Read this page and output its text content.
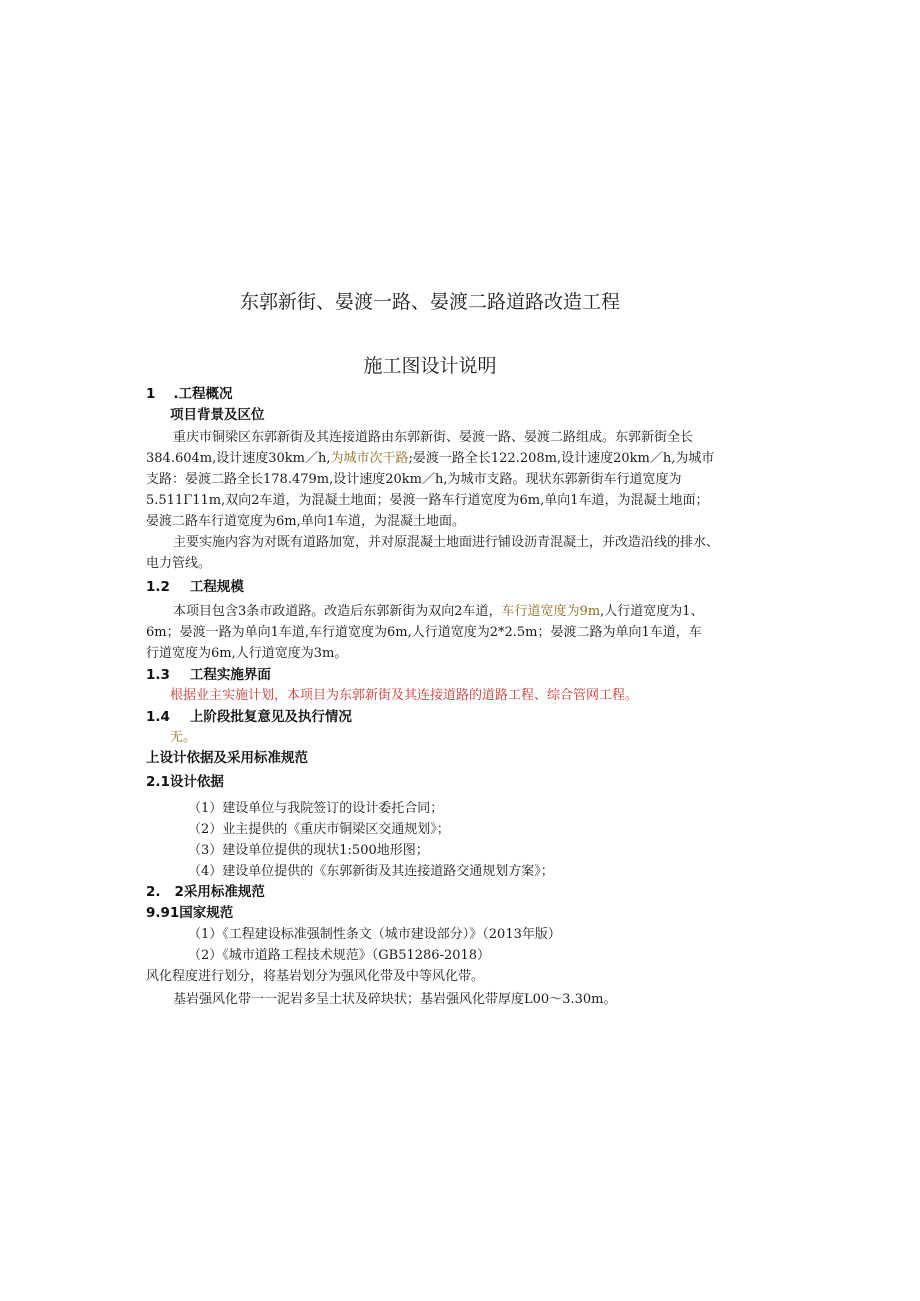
东郭新街、晏渡一路、晏渡二路道路改造工程
施工图设计说明
1 .工程概况
项目背景及区位
重庆市铜梁区东郭新街及其连接道路由东郭新街、晏渡一路、晏渡二路组成。东郭新街全长
384.604m,设计速度30km／h,为城市次干路;晏渡一路全长122.208m,设计速度20km／h,为城市
支路：晏渡二路全长178.479m,设计速度20km／h,为城市支路。现状东郭新街车行道宽度为
5.511Γ11m,双向2车道，为混凝土地面；晏渡一路车行道宽度为6m,单向1车道，为混凝土地面；
晏渡二路车行道宽度为6m,单向1车道，为混凝土地面。
主要实施内容为对既有道路加宽，并对原混凝土地面进行铺设沥青混凝土，并改造沿线的排水、
电力管线。
1.2 工程规模
本项目包含3条市政道路。改造后东郭新街为双向2车道，车行道宽度为9m,人行道宽度为1、
6m；晏渡一路为单向1车道,车行道宽度为6m,人行道宽度为2*2.5m；晏渡二路为单向1车道，车
行道宽度为6m,人行道宽度为3m。
1.3 工程实施界面
根据业主实施计划，本项目为东郭新街及其连接道路的道路工程、综合管网工程。
1.4 上阶段批复意见及执行情况
无。
上设计依据及采用标准规范
2.1设计依据
（1）建设单位与我院签订的设计委托合同；
（2）业主提供的《重庆市铜梁区交通规划》；
（3）建设单位提供的现状1:500地形图；
（4）建设单位提供的《东郭新街及其连接道路交通规划方案》；
2. 2采用标准规范
9.91国家规范
（1）《工程建设标准强制性条文（城市建设部分）》（2013年版）
（2）《城市道路工程技术规范》（GB51286-2018）
风化程度进行划分，将基岩划分为强风化带及中等风化带。
基岩强风化带一一泥岩多呈土状及碎块状；基岩强风化带厚度L00～3.30m。
